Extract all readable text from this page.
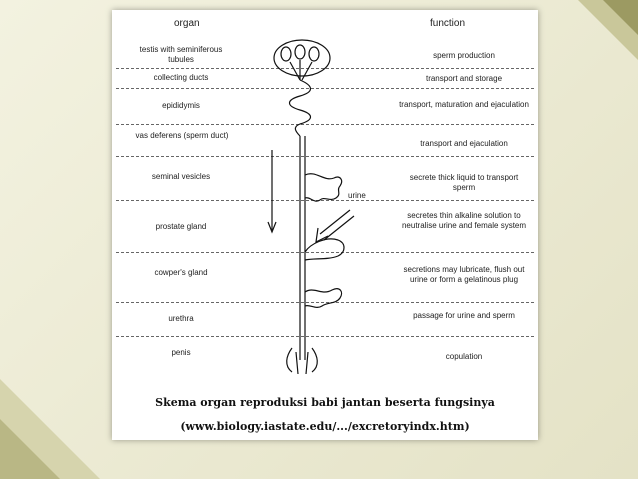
organ	function
testis with seminiferous tubules
collecting ducts
epididymis
vas deferens (sperm duct)
seminal vesicles
prostate gland
cowper's gland
urethra
penis
sperm production
transport and storage
transport, maturation and ejaculation
transport and ejaculation
secrete thick liquid to transport sperm
secretes thin alkaline solution to neutralise urine and female system
secretions may lubricate, flush out urine or form a gelatinous plug
passage for urine and sperm
copulation
urine
Skema organ reproduksi babi jantan beserta fungsinya
(www.biology.iastate.edu/.../excretoryindx.htm)
